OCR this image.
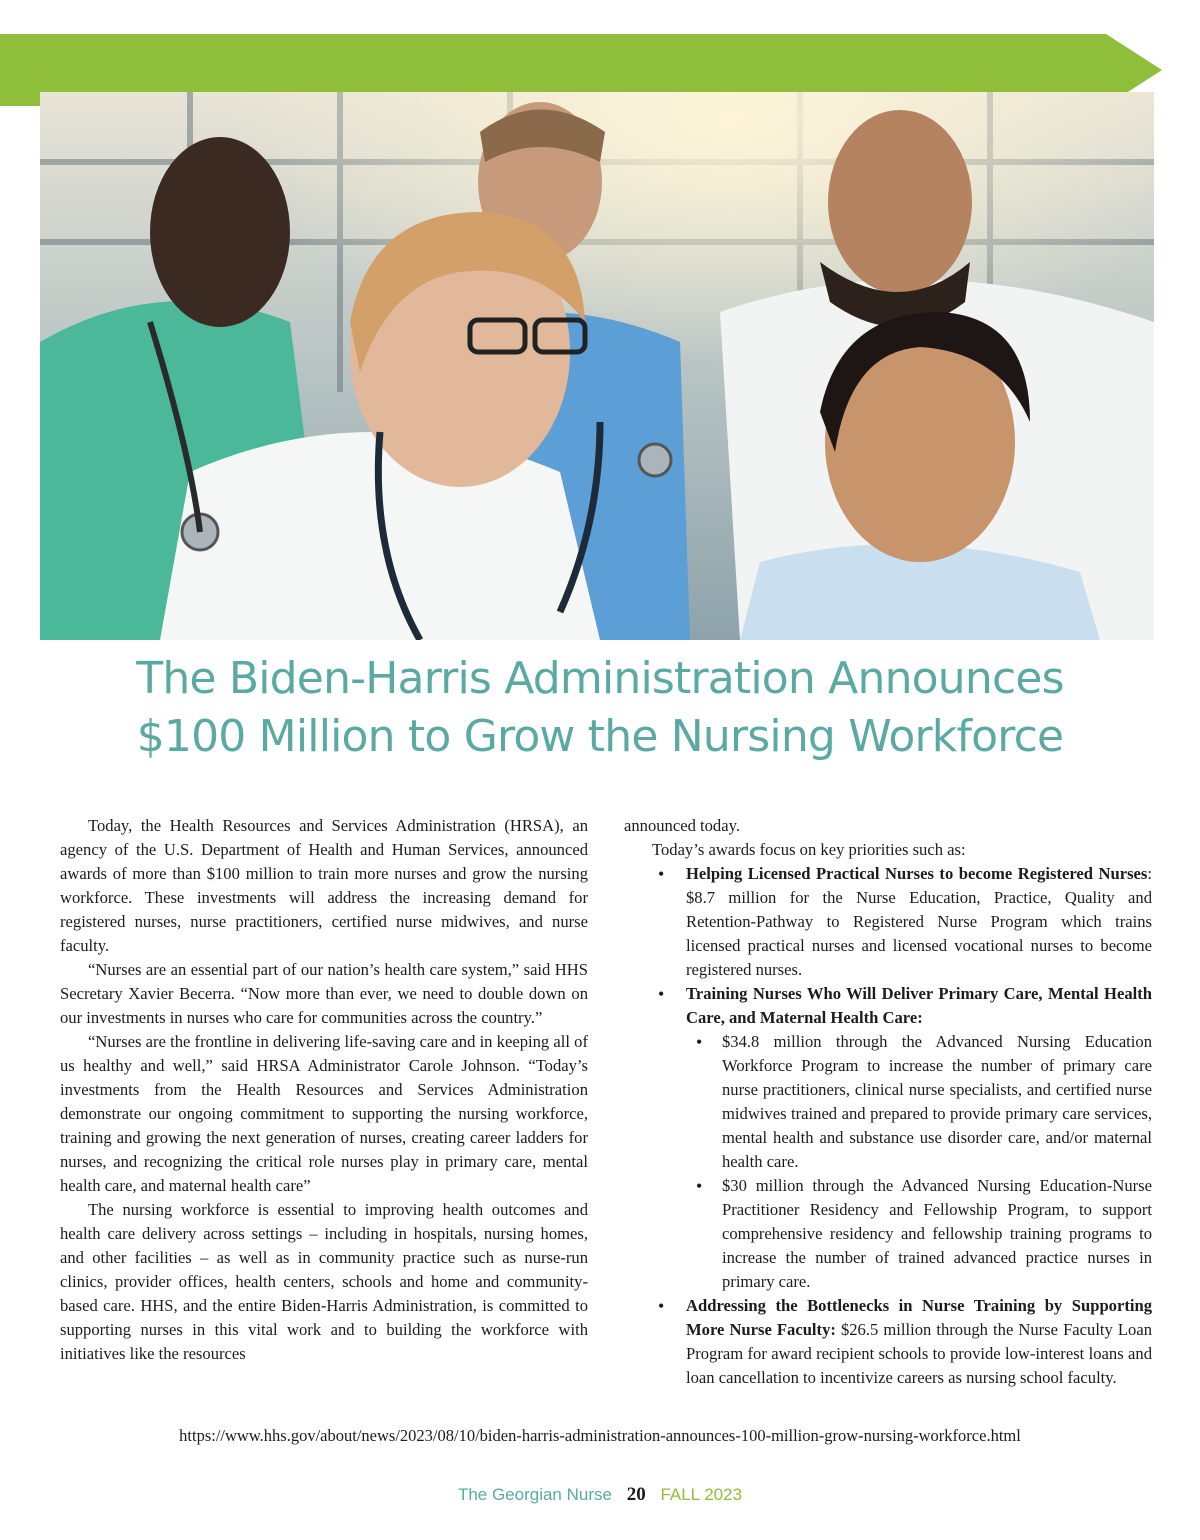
The Biden-Harris Administration Announces
$100 Million to Grow the Nursing Workforce

Today, the Health Resources and Services Administration (HRSA), an agency of the U.S. Department of Health and Human Services, announced awards of more than $100 million to train more nurses and grow the nursing workforce. These investments will address the increasing demand for registered nurses, nurse practitioners, certified nurse midwives, and nurse faculty.

“Nurses are an essential part of our nation’s health care system,” said HHS Secretary Xavier Becerra. “Now more than ever, we need to double down on our investments in nurses who care for communities across the country.”

“Nurses are the frontline in delivering life-saving care and in keeping all of us healthy and well,” said HRSA Administrator Carole Johnson. “Today’s investments from the Health Resources and Services Administration demonstrate our ongoing commitment to supporting the nursing workforce, training and growing the next generation of nurses, creating career ladders for nurses, and recognizing the critical role nurses play in primary care, mental health care, and maternal health care”

The nursing workforce is essential to improving health outcomes and health care delivery across settings – including in hospitals, nursing homes, and other facilities – as well as in community practice such as nurse-run clinics, provider offices, health centers, schools and home and community-based care. HHS, and the entire Biden-Harris Administration, is committed to supporting nurses in this vital work and to building the workforce with initiatives like the resources

announced today.

Today’s awards focus on key priorities such as:

• Helping Licensed Practical Nurses to become Registered Nurses: $8.7 million for the Nurse Education, Practice, Quality and Retention-Pathway to Registered Nurse Program which trains licensed practical nurses and licensed vocational nurses to become registered nurses.
• Training Nurses Who Will Deliver Primary Care, Mental Health Care, and Maternal Health Care:
• $34.8 million through the Advanced Nursing Education Workforce Program to increase the number of primary care nurse practitioners, clinical nurse specialists, and certified nurse midwives trained and prepared to provide primary care services, mental health and substance use disorder care, and/or maternal health care.
• $30 million through the Advanced Nursing Education-Nurse Practitioner Residency and Fellowship Program, to support comprehensive residency and fellowship training programs to increase the number of trained advanced practice nurses in primary care.
• Addressing the Bottlenecks in Nurse Training by Supporting More Nurse Faculty: $26.5 million through the Nurse Faculty Loan Program for award recipient schools to provide low-interest loans and loan cancellation to incentivize careers as nursing school faculty.
https://www.hhs.gov/about/news/2023/08/10/biden-harris-administration-announces-100-million-grow-nursing-workforce.html
The Georgian Nurse 20 FALL 2023
